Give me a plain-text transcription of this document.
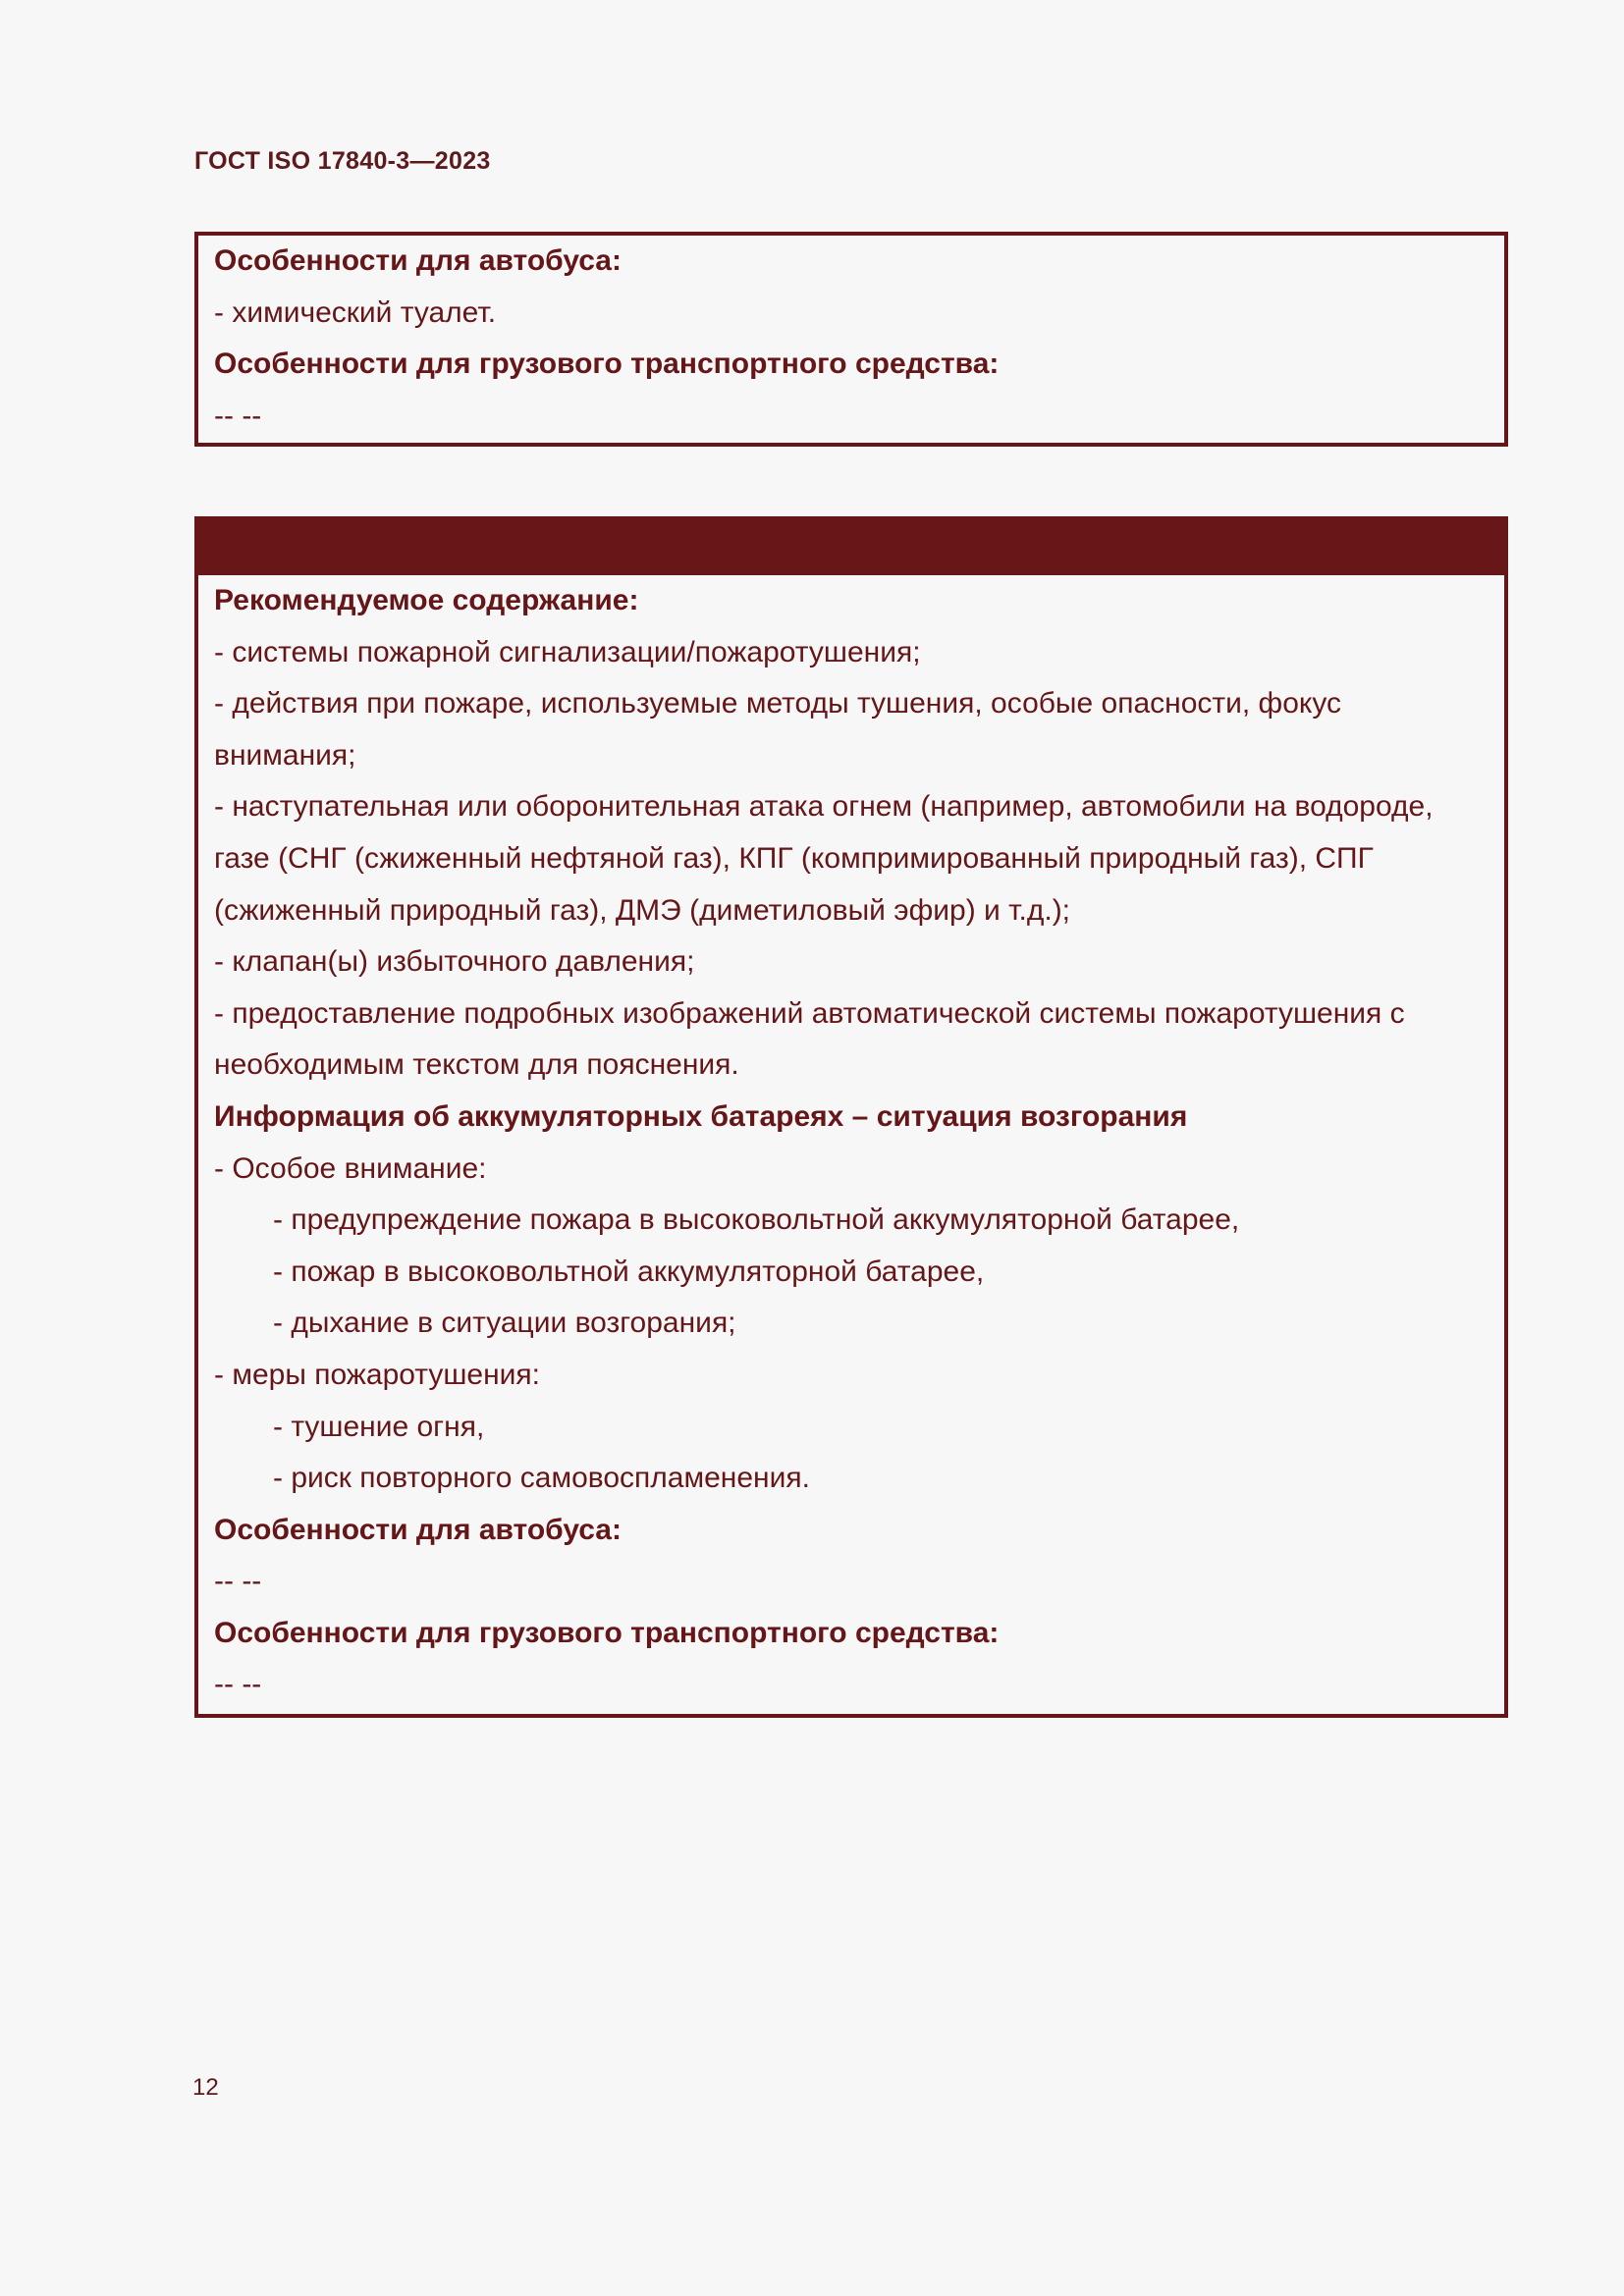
ГОСТ ISO 17840-3—2023
Особенности для автобуса:
- химический туалет.
Особенности для грузового транспортного средства:
-- --
Рекомендуемое содержание:
- системы пожарной сигнализации/пожаротушения;
- действия при пожаре, используемые методы тушения, особые опасности, фокус
внимания;
- наступательная или оборонительная атака огнем (например, автомобили на водороде,
газе (СНГ (сжиженный нефтяной газ), КПГ (компримированный природный газ), СПГ
(сжиженный природный газ), ДМЭ (диметиловый эфир) и т.д.);
- клапан(ы) избыточного давления;
- предоставление подробных изображений автоматической системы пожаротушения с
необходимым текстом для пояснения.
Информация об аккумуляторных батареях – ситуация возгорания
- Особое внимание:
- предупреждение пожара в высоковольтной аккумуляторной батарее,
- пожар в высоковольтной аккумуляторной батарее,
- дыхание в ситуации возгорания;
- меры пожаротушения:
- тушение огня,
- риск повторного самовоспламенения.
Особенности для автобуса:
-- --
Особенности для грузового транспортного средства:
-- --
12
